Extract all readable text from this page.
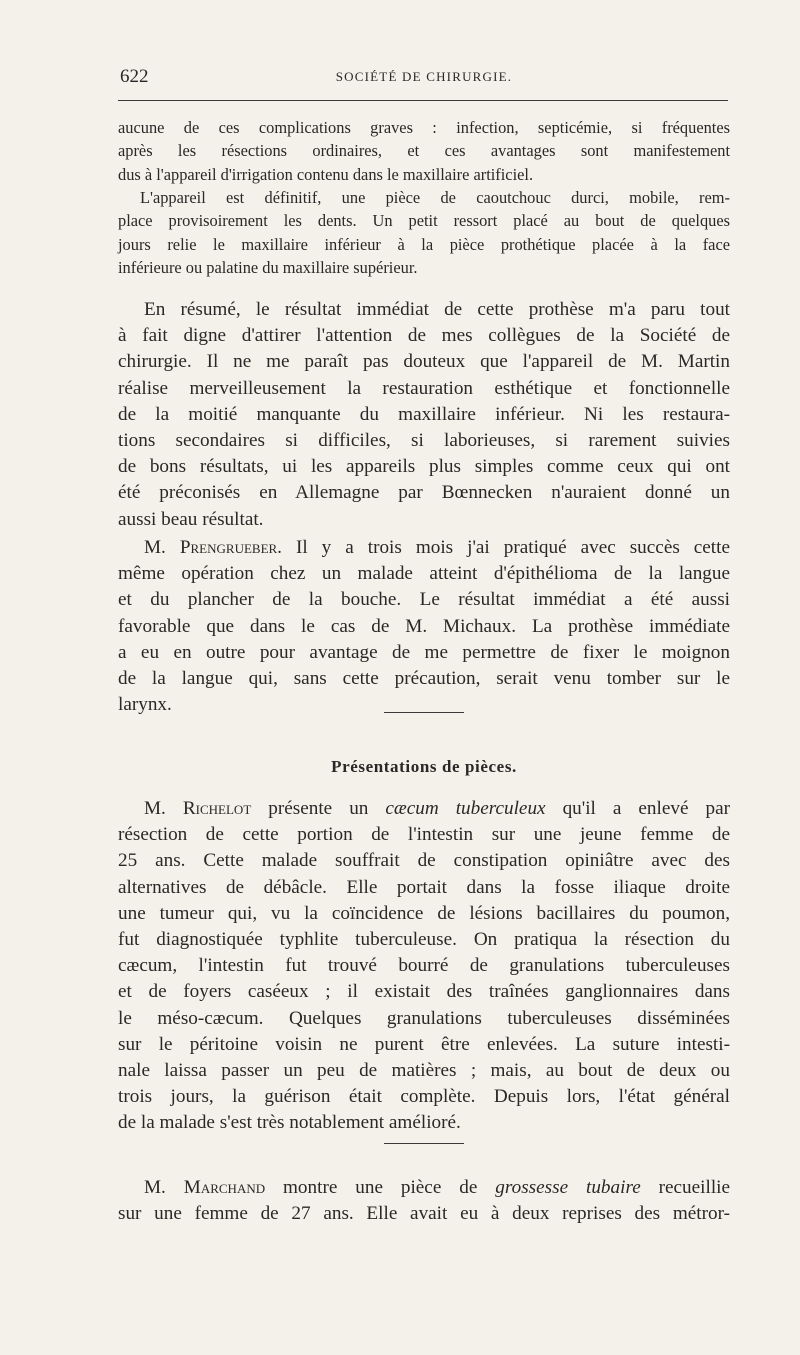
622	SOCIÉTÉ DE CHIRURGIE.
aucune de ces complications graves : infection, septicémie, si fréquentes
après les résections ordinaires, et ces avantages sont manifestement
dus à l'appareil d'irrigation contenu dans le maxillaire artificiel.
L'appareil est définitif, une pièce de caoutchouc durci, mobile, rem-
place provisoirement les dents. Un petit ressort placé au bout de quelques
jours relie le maxillaire inférieur à la pièce prothétique placée à la face
inférieure ou palatine du maxillaire supérieur.
En résumé, le résultat immédiat de cette prothèse m'a paru tout
à fait digne d'attirer l'attention de mes collègues de la Société de
chirurgie. Il ne me paraît pas douteux que l'appareil de M. Martin
réalise merveilleusement la restauration esthétique et fonctionnelle
de la moitié manquante du maxillaire inférieur. Ni les restaura-
tions secondaires si difficiles, si laborieuses, si rarement suivies
de bons résultats, ui les appareils plus simples comme ceux qui ont
été préconisés en Allemagne par Bœnnecken n'auraient donné un
aussi beau résultat.
M. Prengrueber. Il y a trois mois j'ai pratiqué avec succès cette
même opération chez un malade atteint d'épithélioma de la langue
et du plancher de la bouche. Le résultat immédiat a été aussi
favorable que dans le cas de M. Michaux. La prothèse immédiate
a eu en outre pour avantage de me permettre de fixer le moignon
de la langue qui, sans cette précaution, serait venu tomber sur le
larynx.
Présentations de pièces.
M. Richelot présente un cæcum tuberculeux qu'il a enlevé par
résection de cette portion de l'intestin sur une jeune femme de
25 ans. Cette malade souffrait de constipation opiniâtre avec des
alternatives de débâcle. Elle portait dans la fosse iliaque droite
une tumeur qui, vu la coïncidence de lésions bacillaires du poumon,
fut diagnostiquée typhlite tuberculeuse. On pratiqua la résection du
cæcum, l'intestin fut trouvé bourré de granulations tuberculeuses
et de foyers caséeux ; il existait des traînées ganglionnaires dans
le méso-cæcum. Quelques granulations tuberculeuses disséminées
sur le péritoine voisin ne purent être enlevées. La suture intesti-
nale laissa passer un peu de matières ; mais, au bout de deux ou
trois jours, la guérison était complète. Depuis lors, l'état général
de la malade s'est très notablement amélioré.
M. Marchand montre une pièce de grossesse tubaire recueillie
sur une femme de 27 ans. Elle avait eu à deux reprises des métror-
